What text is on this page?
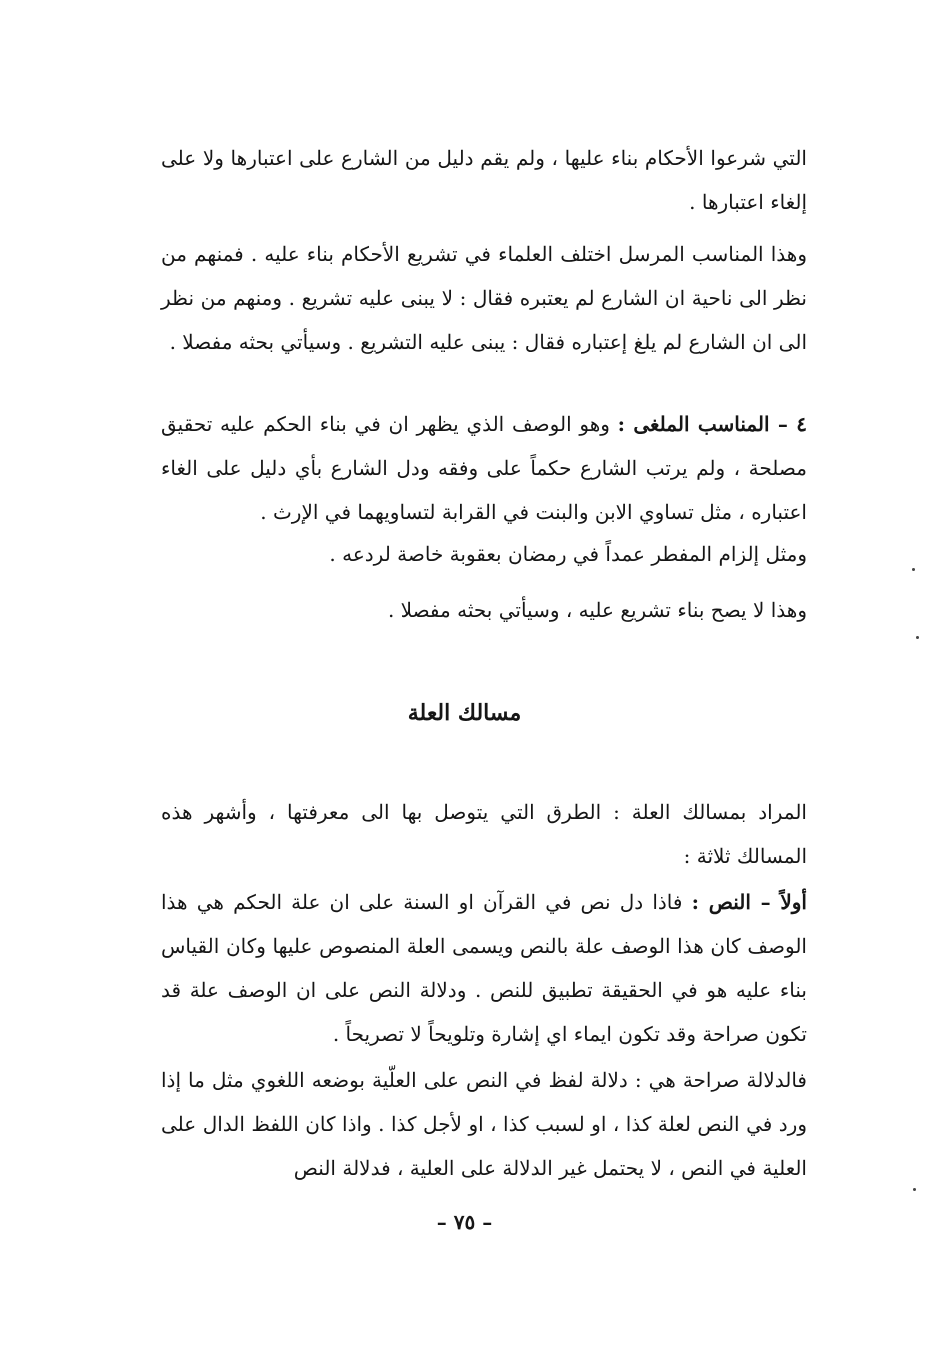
التي شرعوا الأحكام بناء عليها ، ولم يقم دليل من الشارع على اعتبارها ولا على إلغاء اعتبارها .

وهذا المناسب المرسل اختلف العلماء في تشريع الأحكام بناء عليه . فمنهم من نظر الى ناحية ان الشارع لم يعتبره فقال : لا يبنى عليه تشريع . ومنهم من نظر الى ان الشارع لم يلغ إعتباره فقال : يبنى عليه التشريع . وسيأتي بحثه مفصلا .

٤ – المناسب الملغى : وهو الوصف الذي يظهر ان في بناء الحكم عليه تحقيق مصلحة ، ولم يرتب الشارع حكماً على وفقه ودل الشارع بأي دليل على الغاء اعتباره ، مثل تساوي الابن والبنت في القرابة لتساويهما في الإرث .

ومثل إلزام المفطر عمداً في رمضان بعقوبة خاصة لردعه .

وهذا لا يصح بناء تشريع عليه ، وسيأتي بحثه مفصلا .

مسالك العلة

المراد بمسالك العلة : الطرق التي يتوصل بها الى معرفتها ، وأشهر هذه المسالك ثلاثة :

أولاً – النص : فاذا دل نص في القرآن او السنة على ان علة الحكم هي هذا الوصف كان هذا الوصف علة بالنص ويسمى العلة المنصوص عليها وكان القياس بناء عليه هو في الحقيقة تطبيق للنص . ودلالة النص على ان الوصف علة قد تكون صراحة وقد تكون ايماء اي إشارة وتلويحاً لا تصريحاً .

فالدلالة صراحة هي : دلالة لفظ في النص على العلّية بوضعه اللغوي مثل ما إذا ورد في النص لعلة كذا ، او لسبب كذا ، او لأجل كذا . واذا كان اللفظ الدال على العلية في النص ، لا يحتمل غير الدلالة على العلية ، فدلالة النص

– ٧٥ –
